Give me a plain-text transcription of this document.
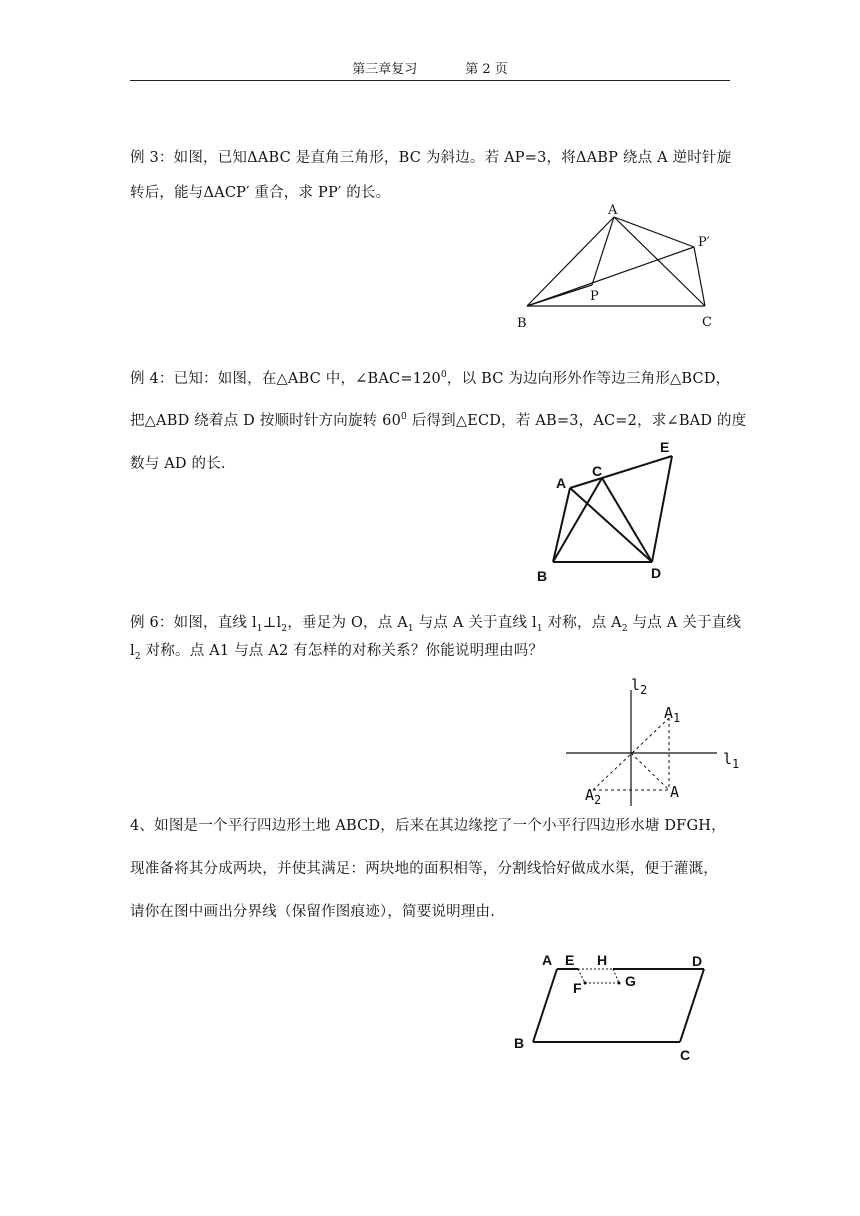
第三章复习	第 2 页
例 3：如图，已知ΔABC 是直角三角形，BC 为斜边。若 AP=3，将ΔABP 绕点 A 逆时针旋
转后，能与ΔACP′ 重合，求 PP′ 的长。
例 4：已知：如图，在△ABC 中，$\angle BAC=120^0$，以 BC 为边向形外作等边三角形△BCD，
把△ABD 绕着点 D 按顺时针方向旋转 $60^0$ 后得到△ECD，若 AB=3，AC=2，求∠BAD 的度
数与 AD 的长.
例 6：如图，直线 $l_1\perp l_2$，垂足为 O，点 $A_1$ 与点 A 关于直线 $l_1$ 对称，点 $A_2$ 与点 A 关于直线
$l_2$ 对称。点 A1 与点 A2 有怎样的对称关系？你能说明理由吗？
4、如图是一个平行四边形土地 ABCD，后来在其边缘挖了一个小平行四边形水塘 DFGH，
现准备将其分成两块，并使其满足：两块地的面积相等，分割线恰好做成水渠，便于灌溉，
请你在图中画出分界线（保留作图痕迹），简要说明理由.
A
P′
P
B	C
E
C
A
B	D
$l_2$
$l_1$
$A_1$
$A_2$	A
A E H	D
F	G
B
C
